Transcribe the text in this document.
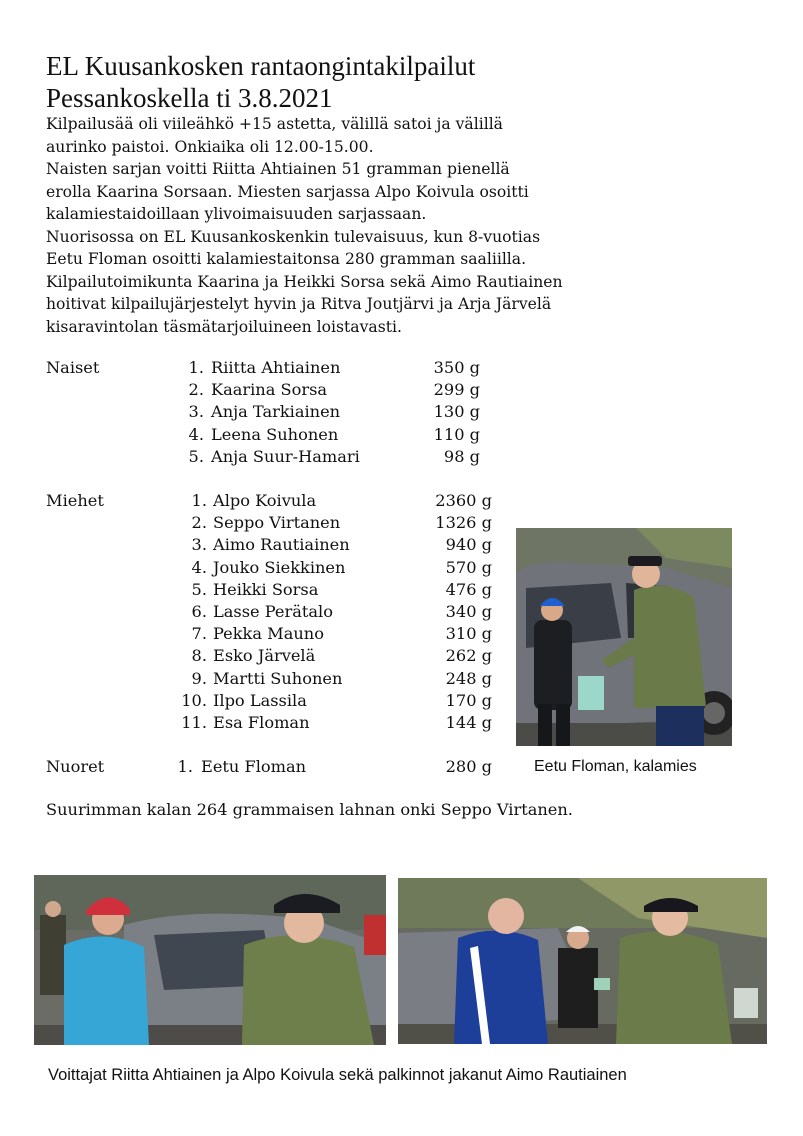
EL Kuusankosken rantaongintakilpailut
Pessankoskella ti 3.8.2021
Kilpailusää oli viileähkö +15 astetta, välillä satoi ja välillä
aurinko paistoi. Onkiaika oli 12.00-15.00.
Naisten sarjan voitti Riitta Ahtiainen 51 gramman pienellä
erolla Kaarina Sorsaan. Miesten sarjassa Alpo Koivula osoitti
kalamiestaidoillaan ylivoimaisuuden sarjassaan.
Nuorisossa on EL Kuusankoskenkin tulevaisuus, kun 8-vuotias
Eetu Floman osoitti kalamiestaitonsa 280 gramman saaliilla.
Kilpailutoimikunta Kaarina ja Heikki Sorsa sekä Aimo Rautiainen
hoitivat kilpailujärjestelyt hyvin ja Ritva Joutjärvi ja Arja Järvelä
kisaravintolan täsmätarjoiluineen loistavasti.
Naiset	1. Riitta Ahtiainen	350 g
2. Kaarina Sorsa	299 g
3. Anja Tarkiainen	130 g
4. Leena Suhonen	110 g
5. Anja Suur-Hamari	98 g
Miehet	1. Alpo Koivula	2360 g
2. Seppo Virtanen	1326 g
3. Aimo Rautiainen	940 g
4. Jouko Siekkinen	570 g
5. Heikki Sorsa	476 g
6. Lasse Perätalo	340 g
7. Pekka Mauno	310 g
8. Esko Järvelä	262 g
9. Martti Suhonen	248 g
10. Ilpo Lassila	170 g
11. Esa Floman	144 g
Nuoret	1. Eetu Floman	280 g
Suurimman kalan 264 grammaisen lahnan onki Seppo Virtanen.
Eetu Floman, kalamies
Voittajat Riitta Ahtiainen ja Alpo Koivula sekä palkinnot jakanut Aimo Rautiainen
